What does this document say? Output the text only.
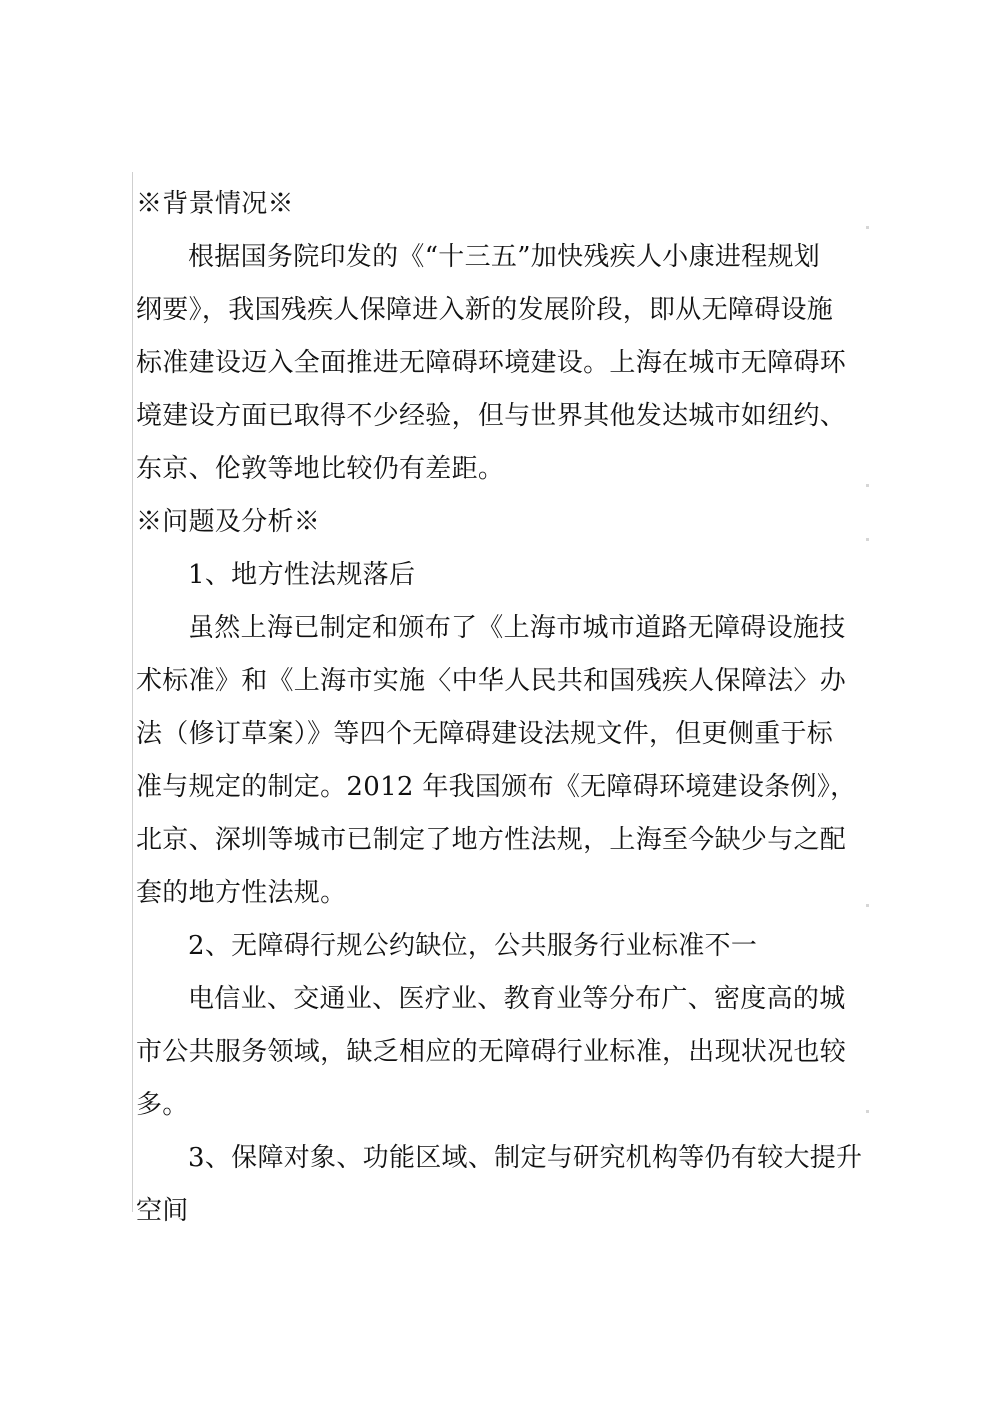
※背景情况※
根据国务院印发的《“十三五”加快残疾人小康进程规划
纲要》，我国残疾人保障进入新的发展阶段，即从无障碍设施
标准建设迈入全面推进无障碍环境建设。上海在城市无障碍环
境建设方面已取得不少经验，但与世界其他发达城市如纽约、
东京、伦敦等地比较仍有差距。
※问题及分析※
1、地方性法规落后
虽然上海已制定和颁布了《上海市城市道路无障碍设施技
术标准》和《上海市实施〈中华人民共和国残疾人保障法〉办
法（修订草案）》等四个无障碍建设法规文件，但更侧重于标
准与规定的制定。2012 年我国颁布《无障碍环境建设条例》，
北京、深圳等城市已制定了地方性法规，上海至今缺少与之配
套的地方性法规。
2、无障碍行规公约缺位，公共服务行业标准不一
电信业、交通业、医疗业、教育业等分布广、密度高的城
市公共服务领域，缺乏相应的无障碍行业标准，出现状况也较
多。
3、保障对象、功能区域、制定与研究机构等仍有较大提升
空间
